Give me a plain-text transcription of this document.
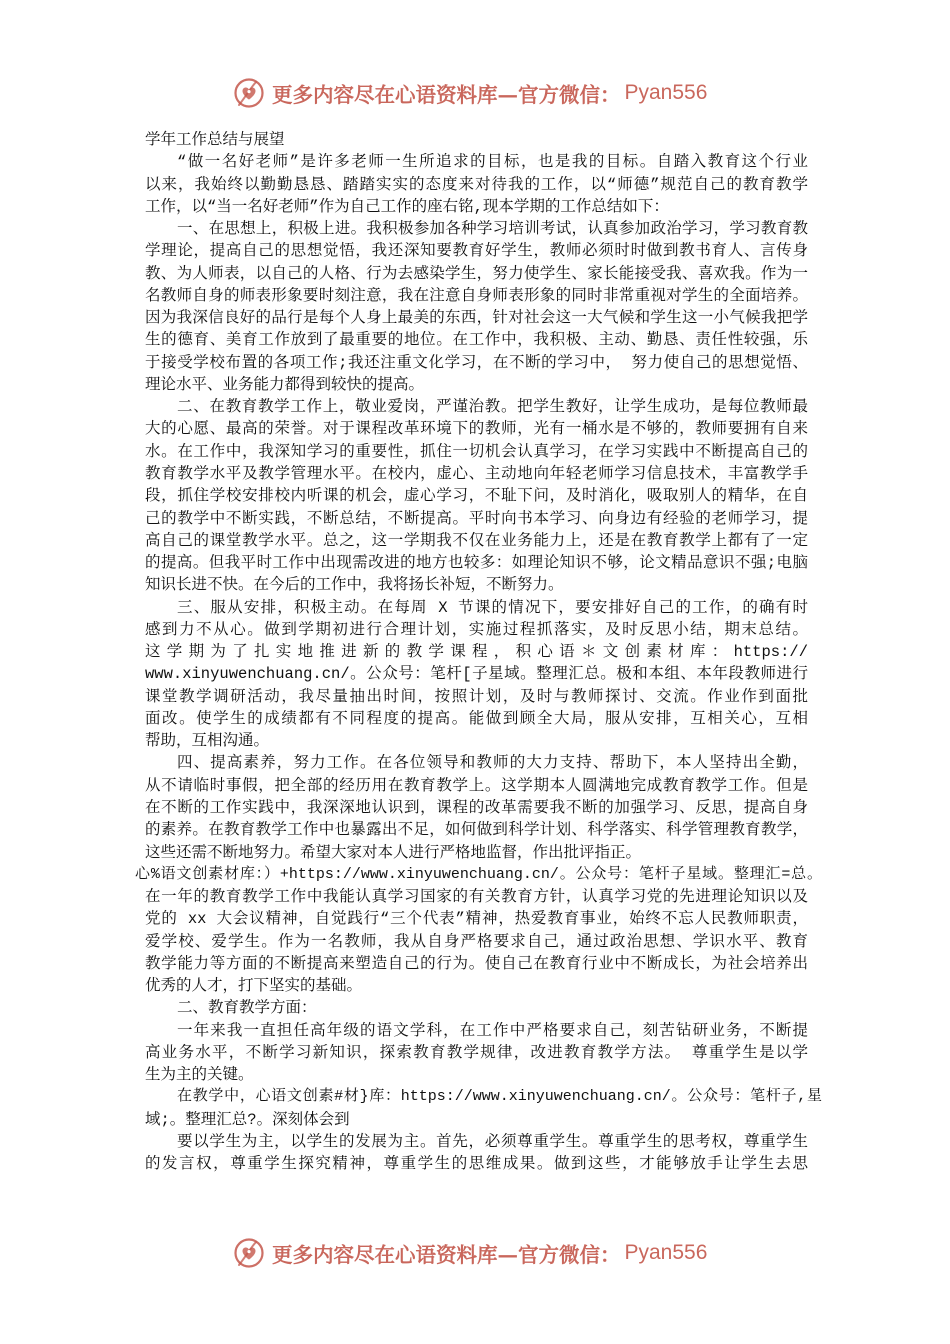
更多内容尽在心语资料库—官方微信： Pyan556
学年工作总结与展望
“做一名好老师”是许多老师一生所追求的目标，也是我的目标。自踏入教育这个行业
以来，我始终以勤勤恳恳、踏踏实实的态度来对待我的工作，以“师德”规范自己的教育教学
工作，以“当一名好老师”作为自己工作的座右铭,现本学期的工作总结如下：
一、在思想上，积极上进。我积极参加各种学习培训考试，认真参加政治学习，学习教育教
学理论，提高自己的思想觉悟，我还深知要教育好学生，教师必须时时做到教书育人、言传身
教、为人师表，以自己的人格、行为去感染学生，努力使学生、家长能接受我、喜欢我。作为一
名教师自身的师表形象要时刻注意，我在注意自身师表形象的同时非常重视对学生的全面培养。
因为我深信良好的品行是每个人身上最美的东西，针对社会这一大气候和学生这一小气候我把学
生的德育、美育工作放到了最重要的地位。在工作中，我积极、主动、勤恳、责任性较强，乐
于接受学校布置的各项工作;我还注重文化学习，在不断的学习中， 努力使自己的思想觉悟、
理论水平、业务能力都得到较快的提高。
二、在教育教学工作上，敬业爱岗，严谨治教。把学生教好，让学生成功，是每位教师最
大的心愿、最高的荣誉。对于课程改革环境下的教师，光有一桶水是不够的，教师要拥有自来
水。在工作中，我深知学习的重要性，抓住一切机会认真学习，在学习实践中不断提高自己的
教育教学水平及教学管理水平。在校内，虚心、主动地向年轻老师学习信息技术，丰富教学手
段，抓住学校安排校内听课的机会，虚心学习，不耻下问，及时消化，吸取别人的精华，在自
己的教学中不断实践，不断总结，不断提高。平时向书本学习、向身边有经验的老师学习，提
高自己的课堂教学水平。总之，这一学期我不仅在业务能力上，还是在教育教学上都有了一定
的提高。但我平时工作中出现需改进的地方也较多：如理论知识不够，论文精品意识不强;电脑
知识长进不快。在今后的工作中，我将扬长补短，不断努力。
三、服从安排，积极主动。在每周 X 节课的情况下，要安排好自己的工作，的确有时
感到力不从心。做到学期初进行合理计划，实施过程抓落实，及时反思小结，期末总结。
这学期为了扎实地推进新的教学课程，积心语＊文创素材库：https://
www.xinyuwenchuang.cn/。公众号：笔杆[子星域。整理汇总。极和本组、本年段教师进行
课堂教学调研活动，我尽量抽出时间，按照计划，及时与教师探讨、交流。作业作到面批
面改。使学生的成绩都有不同程度的提高。能做到顾全大局，服从安排，互相关心，互相
帮助，互相沟通。
四、提高素养，努力工作。在各位领导和教师的大力支持、帮助下，本人坚持出全勤，
从不请临时事假，把全部的经历用在教育教学上。这学期本人圆满地完成教育教学工作。但是
在不断的工作实践中，我深深地认识到，课程的改革需要我不断的加强学习、反思，提高自身
的素养。在教育教学工作中也暴露出不足，如何做到科学计划、科学落实、科学管理教育教学，
这些还需不断地努力。希望大家对本人进行严格地监督，作出批评指正。
心%语文创素材库：）+https://www.xinyuwenchuang.cn/。公众号：笔杆子星域。整理汇=总。
在一年的教育教学工作中我能认真学习国家的有关教育方针，认真学习党的先进理论知识以及
党的 xx 大会议精神，自觉践行“三个代表”精神，热爱教育事业，始终不忘人民教师职责，
爱学校、爱学生。作为一名教师，我从自身严格要求自己，通过政治思想、学识水平、教育
教学能力等方面的不断提高来塑造自己的行为。使自己在教育行业中不断成长，为社会培养出
优秀的人才，打下坚实的基础。
二、教育教学方面：
一年来我一直担任高年级的语文学科，在工作中严格要求自己，刻苦钻研业务，不断提
高业务水平，不断学习新知识，探索教育教学规律，改进教育教学方法。 尊重学生是以学
生为主的关键。
在教学中，心语文创素#材}库：https://www.xinyuwenchuang.cn/。公众号：笔杆子,星
域;。整理汇总?。深刻体会到
要以学生为主，以学生的发展为主。首先，必须尊重学生。尊重学生的思考权，尊重学生
的发言权，尊重学生探究精神，尊重学生的思维成果。做到这些，才能够放手让学生去思
更多内容尽在心语资料库—官方微信： Pyan556
